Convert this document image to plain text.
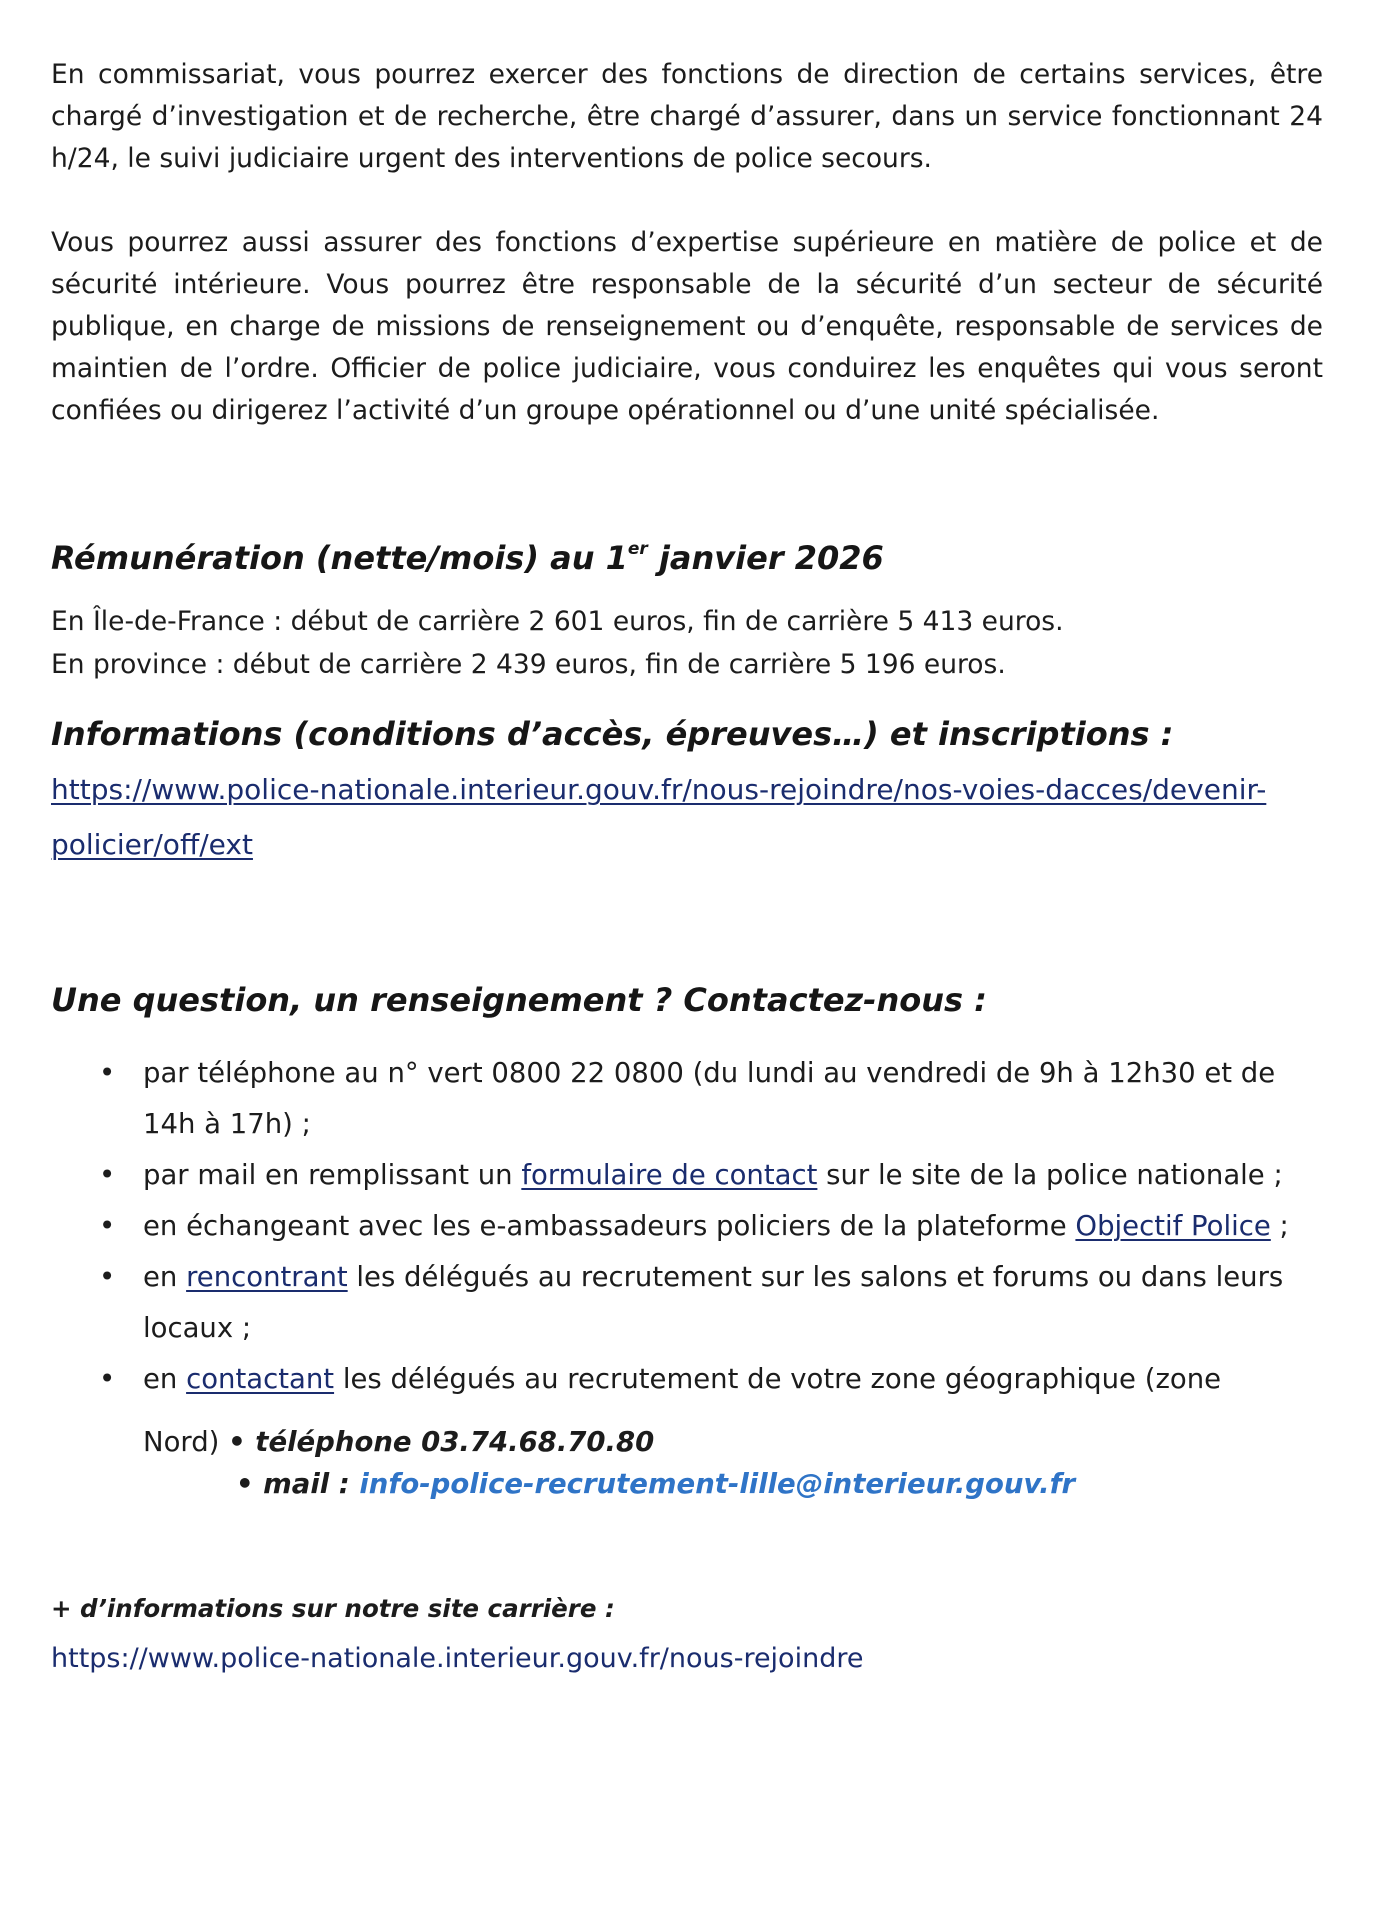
En commissariat, vous pourrez exercer des fonctions de direction de certains services, être chargé d’investigation et de recherche, être chargé d’assurer, dans un service fonctionnant 24 h/24, le suivi judiciaire urgent des interventions de police secours.

Vous pourrez aussi assurer des fonctions d’expertise supérieure en matière de police et de sécurité intérieure. Vous pourrez être responsable de la sécurité d’un secteur de sécurité publique, en charge de missions de renseignement ou d’enquête, responsable de services de maintien de l’ordre. Officier de police judiciaire, vous conduirez les enquêtes qui vous seront confiées ou dirigerez l’activité d’un groupe opérationnel ou d’une unité spécialisée.

Rémunération (nette/mois) au 1er janvier 2026
En Île-de-France : début de carrière 2 601 euros, fin de carrière 5 413 euros.
En province : début de carrière 2 439 euros, fin de carrière 5 196 euros.
Informations (conditions d’accès, épreuves…) et inscriptions :
https://www.police-nationale.interieur.gouv.fr/nous-rejoindre/nos-voies-dacces/devenir-
policier/off/ext
Une question, un renseignement ? Contactez-nous :
• par téléphone au n° vert 0800 22 0800 (du lundi au vendredi de 9h à 12h30 et de 14h à 17h) ;
• par mail en remplissant un formulaire de contact sur le site de la police nationale ;
• en échangeant avec les e-ambassadeurs policiers de la plateforme Objectif Police ;
• en rencontrant les délégués au recrutement sur les salons et forums ou dans leurs locaux ;
• en contactant les délégués au recrutement de votre zone géographique (zone
Nord) • téléphone 03.74.68.70.80
• mail : info-police-recrutement-lille@interieur.gouv.fr
+ d’informations sur notre site carrière :
https://www.police-nationale.interieur.gouv.fr/nous-rejoindre
